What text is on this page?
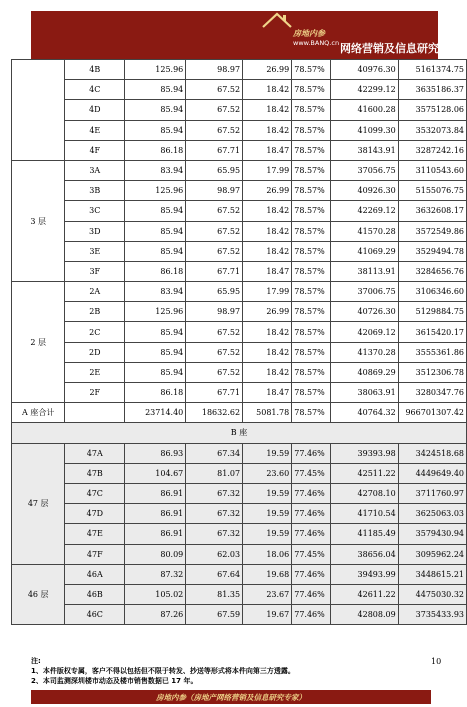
房地内参
www.BANQ.cn 网络营销及信息研究专家
	4B	125.96	98.97	26.99	78.57%	40976.30	5161374.75
	4C	85.94	67.52	18.42	78.57%	42299.12	3635186.37
	4D	85.94	67.52	18.42	78.57%	41600.28	3575128.06
	4E	85.94	67.52	18.42	78.57%	41099.30	3532073.84
	4F	86.18	67.71	18.47	78.57%	38143.91	3287242.16
3 层	3A	83.94	65.95	17.99	78.57%	37056.75	3110543.60
	3B	125.96	98.97	26.99	78.57%	40926.30	5155076.75
	3C	85.94	67.52	18.42	78.57%	42269.12	3632608.17
	3D	85.94	67.52	18.42	78.57%	41570.28	3572549.86
	3E	85.94	67.52	18.42	78.57%	41069.29	3529494.78
	3F	86.18	67.71	18.47	78.57%	38113.91	3284656.76
2 层	2A	83.94	65.95	17.99	78.57%	37006.75	3106346.60
	2B	125.96	98.97	26.99	78.57%	40726.30	5129884.75
	2C	85.94	67.52	18.42	78.57%	42069.12	3615420.17
	2D	85.94	67.52	18.42	78.57%	41370.28	3555361.86
	2E	85.94	67.52	18.42	78.57%	40869.29	3512306.78
	2F	86.18	67.71	18.47	78.57%	38063.91	3280347.76
A 座合计		23714.40	18632.62	5081.78	78.57%	40764.32	966701307.42
B 座							
47 层	47A	86.93	67.34	19.59	77.46%	39393.98	3424518.68
	47B	104.67	81.07	23.60	77.45%	42511.22	4449649.40
	47C	86.91	67.32	19.59	77.46%	42708.10	3711760.97
	47D	86.91	67.32	19.59	77.46%	41710.54	3625063.03
	47E	86.91	67.32	19.59	77.46%	41185.49	3579430.94
	47F	80.09	62.03	18.06	77.45%	38656.04	3095962.24
46 层	46A	87.32	67.64	19.68	77.46%	39493.99	3448615.21
	46B	105.02	81.35	23.67	77.46%	42611.22	4475030.32
	46C	87.26	67.59	19.67	77.46%	42808.09	3735433.93
注:
1、本件版权专属，客户不得以包括但不限于转发、抄送等形式将本件向第三方透露。
2、本司监测深圳楼市动态及楼市销售数据已 17 年。
10
房地内参（房地产网络营销及信息研究专家）
